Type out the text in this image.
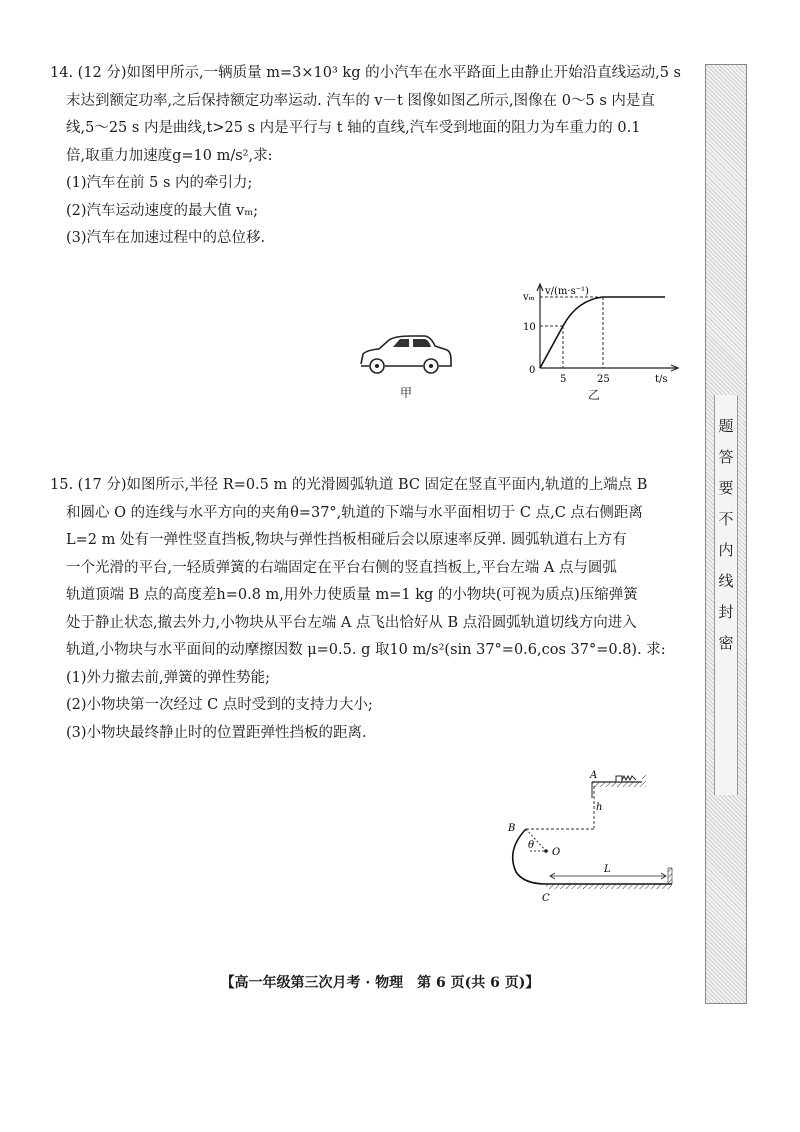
14. (12 分)如图甲所示,一辆质量 m=3×10³ kg 的小汽车在水平路面上由静止开始沿直线运动,5 s

末达到额定功率,之后保持额定功率运动. 汽车的 v－t 图像如图乙所示,图像在 0～5 s 内是直

线,5～25 s 内是曲线,t>25 s 内是平行与 t 轴的直线,汽车受到地面的阻力为车重力的 0.1

倍,取重力加速度g=10 m/s²,求:

(1)汽车在前 5 s 内的牵引力;

(2)汽车运动速度的最大值 vₘ;

(3)汽车在加速过程中的总位移.

甲
v/(m·s⁻¹)
t/s
0
vₘ
10
5	25
乙

15. (17 分)如图所示,半径 R=0.5 m 的光滑圆弧轨道 BC 固定在竖直平面内,轨道的上端点 B

和圆心 O 的连线与水平方向的夹角θ=37°,轨道的下端与水平面相切于 C 点,C 点右侧距离

L=2 m 处有一弹性竖直挡板,物块与弹性挡板相碰后会以原速率反弹. 圆弧轨道右上方有

一个光滑的平台,一轻质弹簧的右端固定在平台右侧的竖直挡板上,平台左端 A 点与圆弧

轨道顶端 B 点的高度差h=0.8 m,用外力使质量 m=1 kg 的小物块(可视为质点)压缩弹簧

处于静止状态,撤去外力,小物块从平台左端 A 点飞出恰好从 B 点沿圆弧轨道切线方向进入

轨道,小物块与水平面间的动摩擦因数 μ=0.5. g 取10 m/s²(sin 37°=0.6,cos 37°=0.8). 求:

(1)外力撤去前,弹簧的弹性势能;

(2)小物块第一次经过 C 点时受到的支持力大小;

(3)小物块最终静止时的位置距弹性挡板的距离.

A
h
B
O
θ
C
L
【高一年级第三次月考 · 物理　第 6 页(共 6 页)】
题
答
要
不
内
线
封
密
